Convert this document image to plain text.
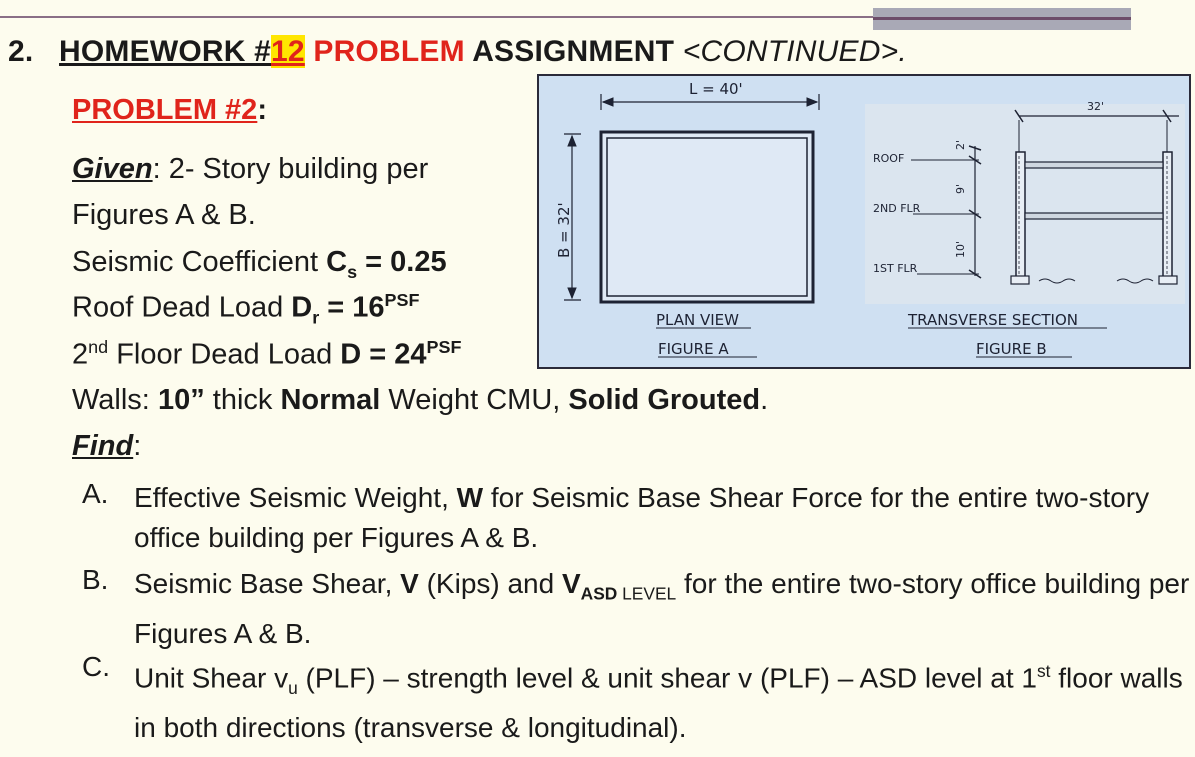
2. HOMEWORK #12 PROBLEM ASSIGNMENT <CONTINUED>.
PROBLEM #2:
Given: 2- Story building per
Figures A & B.
Seismic Coefficient $C_s = 0.25$
Roof Dead Load $D_r = 16^{PSF}$
2nd Floor Dead Load $D = 24^{PSF}$
Walls: 10” thick Normal Weight CMU, Solid Grouted.
L = 40'
B = 32'
PLAN VIEW
FIGURE A
32'
2'
9'
10'
ROOF
2ND FLR
1ST FLR
TRANSVERSE SECTION
FIGURE B
Find:
A. Effective Seismic Weight, W for Seismic Base Shear Force for the entire two-story office building per Figures A & B.
B. Seismic Base Shear, V (Kips) and $V_{ASD LEVEL}$ for the entire two-story office building per Figures A & B.
C. Unit Shear $v_u$ (PLF) – strength level & unit shear v (PLF) – ASD level at 1st floor walls in both directions (transverse & longitudinal).
